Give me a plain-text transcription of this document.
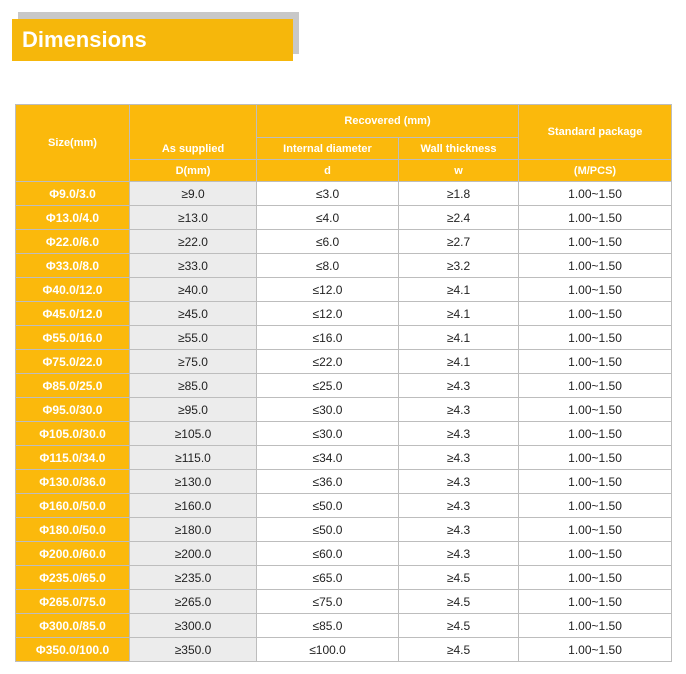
Dimensions
Size(mm)	As supplied	Recovered (mm)		Standard package
		Internal diameter	Wall thickness	
	D(mm)	d	w	(M/PCS)
Φ9.0/3.0	≥9.0	≤3.0	≥1.8	1.00~1.50
Φ13.0/4.0	≥13.0	≤4.0	≥2.4	1.00~1.50
Φ22.0/6.0	≥22.0	≤6.0	≥2.7	1.00~1.50
Φ33.0/8.0	≥33.0	≤8.0	≥3.2	1.00~1.50
Φ40.0/12.0	≥40.0	≤12.0	≥4.1	1.00~1.50
Φ45.0/12.0	≥45.0	≤12.0	≥4.1	1.00~1.50
Φ55.0/16.0	≥55.0	≤16.0	≥4.1	1.00~1.50
Φ75.0/22.0	≥75.0	≤22.0	≥4.1	1.00~1.50
Φ85.0/25.0	≥85.0	≤25.0	≥4.3	1.00~1.50
Φ95.0/30.0	≥95.0	≤30.0	≥4.3	1.00~1.50
Φ105.0/30.0	≥105.0	≤30.0	≥4.3	1.00~1.50
Φ115.0/34.0	≥115.0	≤34.0	≥4.3	1.00~1.50
Φ130.0/36.0	≥130.0	≤36.0	≥4.3	1.00~1.50
Φ160.0/50.0	≥160.0	≤50.0	≥4.3	1.00~1.50
Φ180.0/50.0	≥180.0	≤50.0	≥4.3	1.00~1.50
Φ200.0/60.0	≥200.0	≤60.0	≥4.3	1.00~1.50
Φ235.0/65.0	≥235.0	≤65.0	≥4.5	1.00~1.50
Φ265.0/75.0	≥265.0	≤75.0	≥4.5	1.00~1.50
Φ300.0/85.0	≥300.0	≤85.0	≥4.5	1.00~1.50
Φ350.0/100.0	≥350.0	≤100.0	≥4.5	1.00~1.50
